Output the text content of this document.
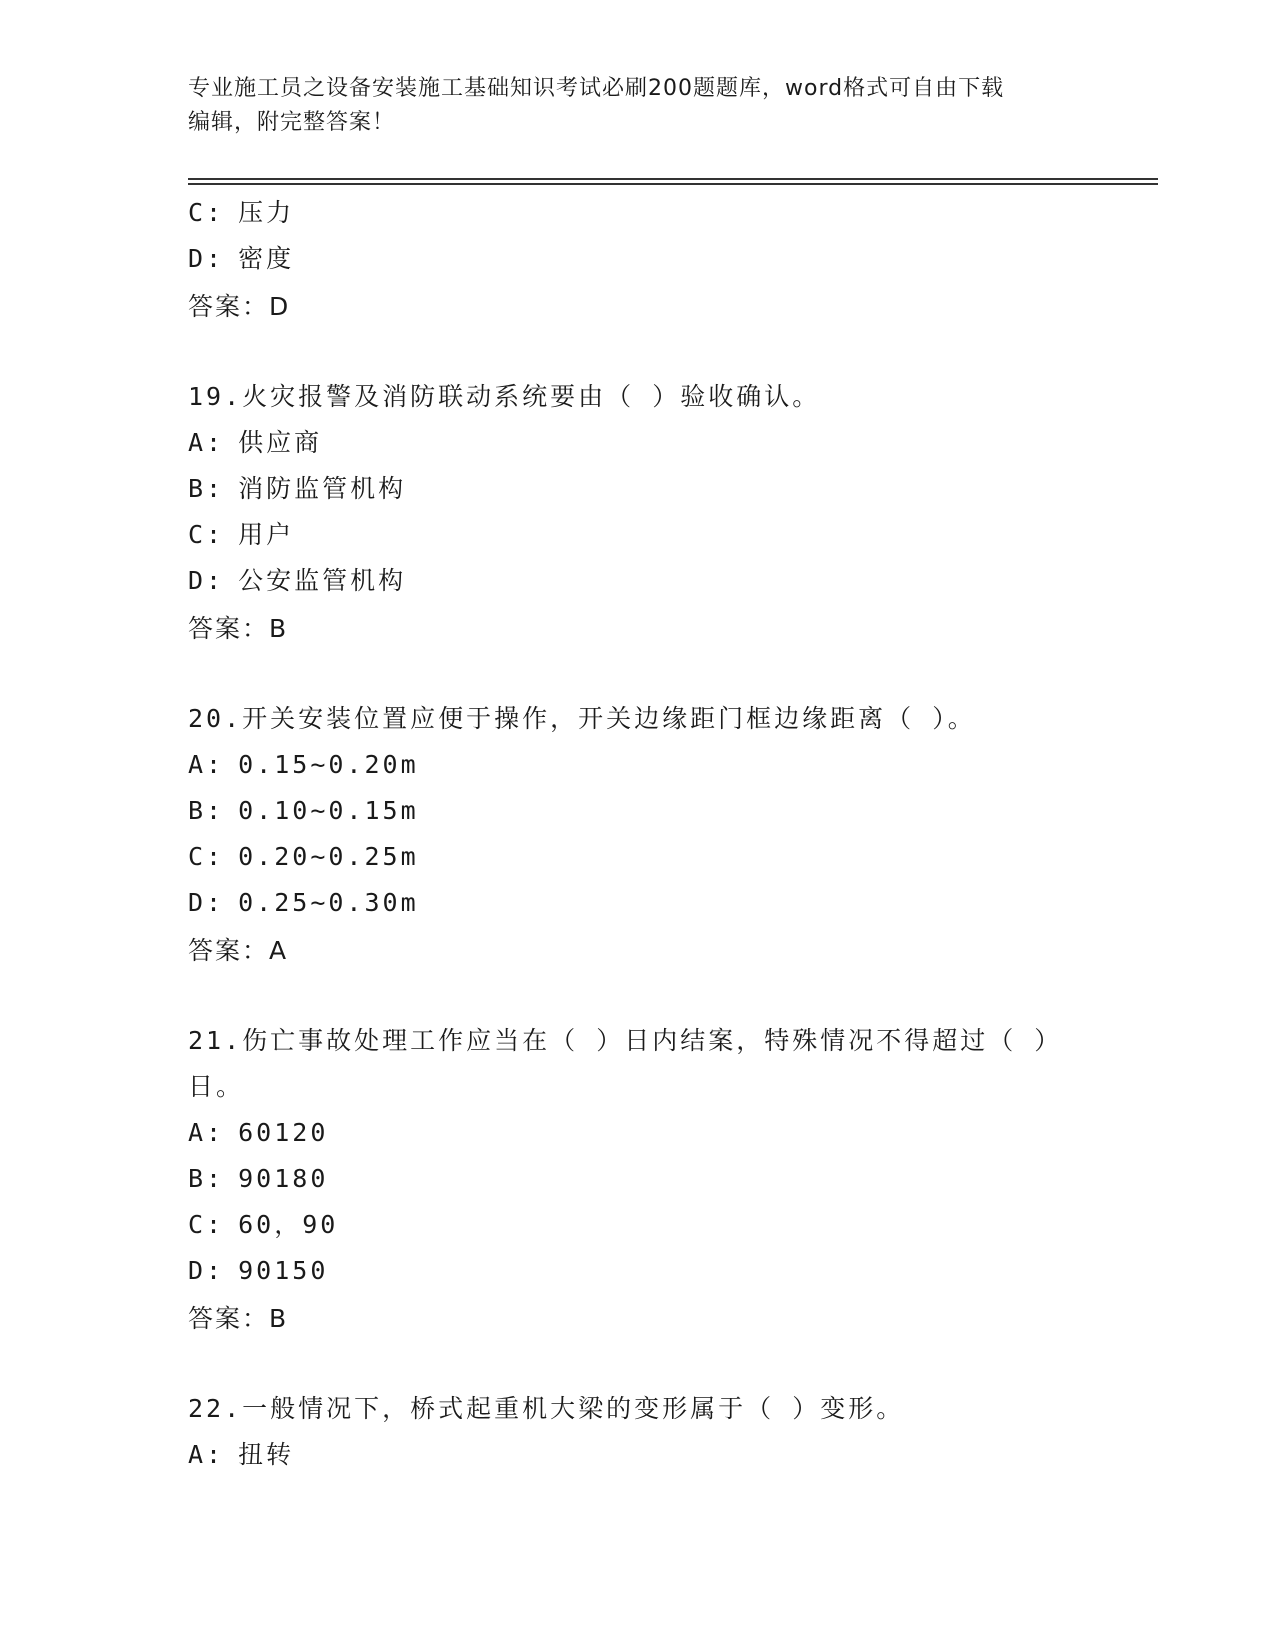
专业施工员之设备安装施工基础知识考试必刷200题题库，word格式可自由下载
编辑，附完整答案！
C: 压力
D: 密度
答案：D
19.火灾报警及消防联动系统要由（ ）验收确认。
A: 供应商
B: 消防监管机构
C: 用户
D: 公安监管机构
答案：B
20.开关安装位置应便于操作，开关边缘距门框边缘距离（ ）。
A: 0.15~0.20m
B: 0.10~0.15m
C: 0.20~0.25m
D: 0.25~0.30m
答案：A
21.伤亡事故处理工作应当在（ ）日内结案，特殊情况不得超过（ ）日。
A: 60120
B: 90180
C: 60，90
D: 90150
答案：B
22.一般情况下，桥式起重机大梁的变形属于（ ）变形。
A: 扭转
